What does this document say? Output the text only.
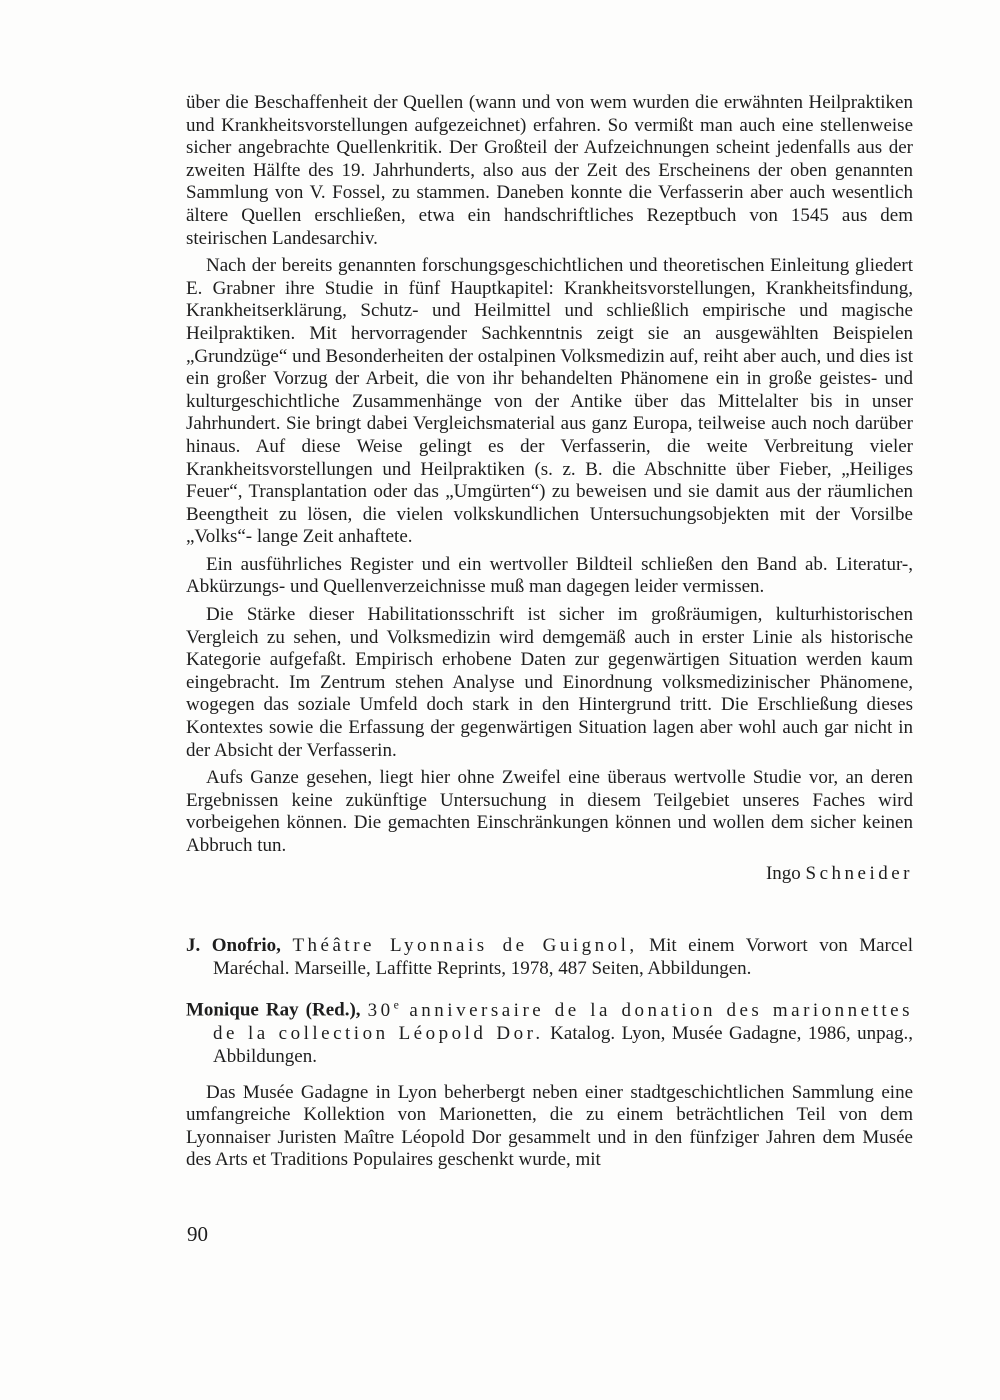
über die Beschaffenheit der Quellen (wann und von wem wurden die erwähnten Heilpraktiken und Krankheitsvorstellungen aufgezeichnet) erfahren. So vermißt man auch eine stellenweise sicher angebrachte Quellenkritik. Der Großteil der Aufzeichnungen scheint jedenfalls aus der zweiten Hälfte des 19. Jahrhunderts, also aus der Zeit des Erscheinens der oben genannten Sammlung von V. Fossel, zu stammen. Daneben konnte die Verfasserin aber auch wesentlich ältere Quellen erschließen, etwa ein handschriftliches Rezeptbuch von 1545 aus dem steirischen Landesarchiv.

Nach der bereits genannten forschungsgeschichtlichen und theoretischen Einleitung gliedert E. Grabner ihre Studie in fünf Hauptkapitel: Krankheitsvorstellungen, Krankheitsfindung, Krankheitserklärung, Schutz- und Heilmittel und schließlich empirische und magische Heilpraktiken. Mit hervorragender Sachkenntnis zeigt sie an ausgewählten Beispielen „Grundzüge“ und Besonderheiten der ostalpinen Volksmedizin auf, reiht aber auch, und dies ist ein großer Vorzug der Arbeit, die von ihr behandelten Phänomene ein in große geistes- und kulturgeschichtliche Zusammenhänge von der Antike über das Mittelalter bis in unser Jahrhundert. Sie bringt dabei Vergleichsmaterial aus ganz Europa, teilweise auch noch darüber hinaus. Auf diese Weise gelingt es der Verfasserin, die weite Verbreitung vieler Krankheitsvorstellungen und Heilpraktiken (s. z. B. die Abschnitte über Fieber, „Heiliges Feuer“, Transplantation oder das „Umgürten“) zu beweisen und sie damit aus der räumlichen Beengtheit zu lösen, die vielen volkskundlichen Untersuchungsobjekten mit der Vorsilbe „Volks“- lange Zeit anhaftete.

Ein ausführliches Register und ein wertvoller Bildteil schließen den Band ab. Literatur-, Abkürzungs- und Quellenverzeichnisse muß man dagegen leider vermissen.

Die Stärke dieser Habilitationsschrift ist sicher im großräumigen, kulturhistorischen Vergleich zu sehen, und Volksmedizin wird demgemäß auch in erster Linie als historische Kategorie aufgefaßt. Empirisch erhobene Daten zur gegenwärtigen Situation werden kaum eingebracht. Im Zentrum stehen Analyse und Einordnung volksmedizinischer Phänomene, wogegen das soziale Umfeld doch stark in den Hintergrund tritt. Die Erschließung dieses Kontextes sowie die Erfassung der gegenwärtigen Situation lagen aber wohl auch gar nicht in der Absicht der Verfasserin.

Aufs Ganze gesehen, liegt hier ohne Zweifel eine überaus wertvolle Studie vor, an deren Ergebnissen keine zukünftige Untersuchung in diesem Teilgebiet unseres Faches wird vorbeigehen können. Die gemachten Einschränkungen können und wollen dem sicher keinen Abbruch tun.

Ingo Schneider

J. Onofrio, Théâtre Lyonnais de Guignol, Mit einem Vorwort von Marcel Maréchal. Marseille, Laffitte Reprints, 1978, 487 Seiten, Abbildungen.

Monique Ray (Red.), 30e anniversaire de la donation des marionnettes de la collection Léopold Dor. Katalog. Lyon, Musée Gadagne, 1986, unpag., Abbildungen.

Das Musée Gadagne in Lyon beherbergt neben einer stadtgeschichtlichen Sammlung eine umfangreiche Kollektion von Marionetten, die zu einem beträchtlichen Teil von dem Lyonnaiser Juristen Maître Léopold Dor gesammelt und in den fünfziger Jahren dem Musée des Arts et Traditions Populaires geschenkt wurde, mit

90
